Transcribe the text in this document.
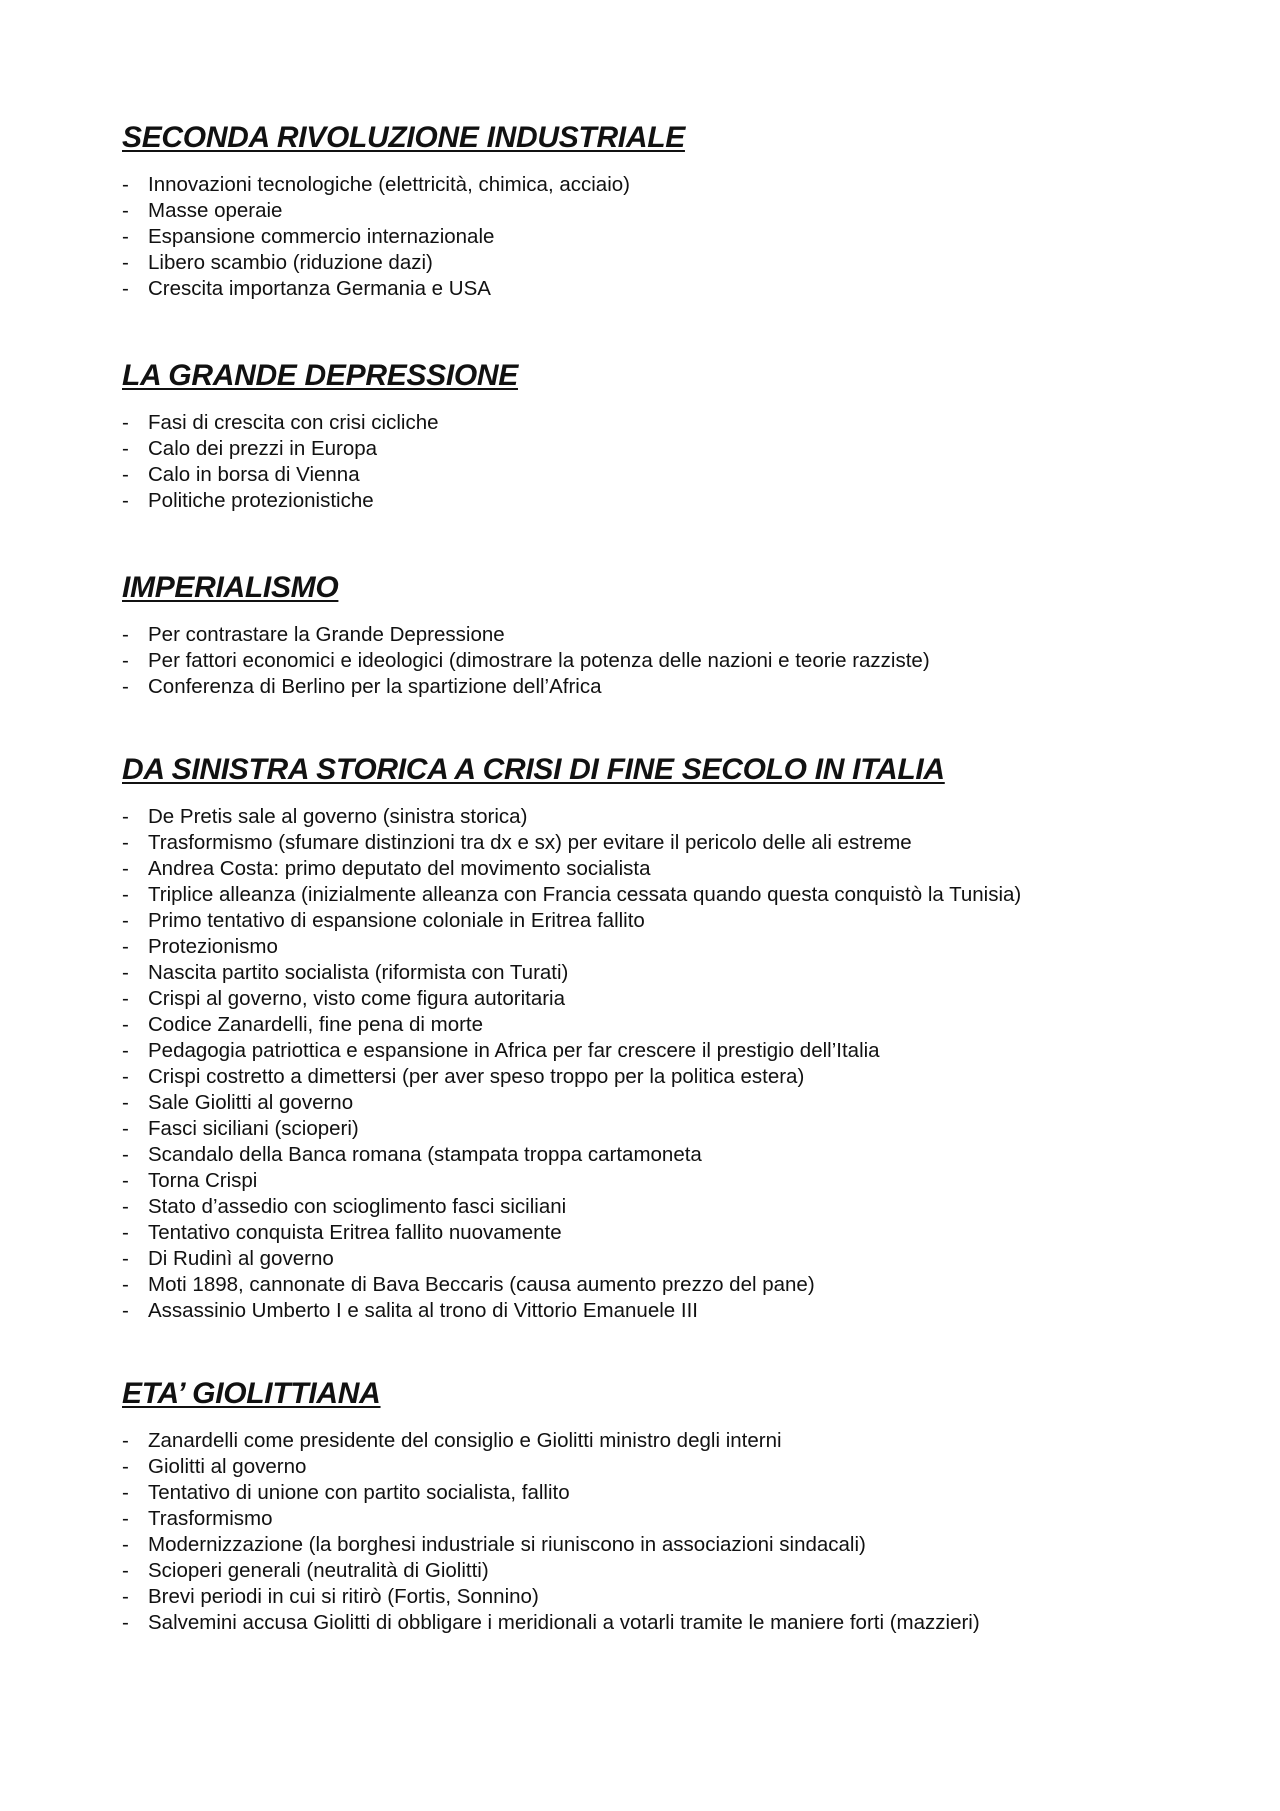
SECONDA RIVOLUZIONE INDUSTRIALE
- Innovazioni tecnologiche (elettricità, chimica, acciaio)
- Masse operaie
- Espansione commercio internazionale
- Libero scambio (riduzione dazi)
- Crescita importanza Germania e USA
LA GRANDE DEPRESSIONE
- Fasi di crescita con crisi cicliche
- Calo dei prezzi in Europa
- Calo in borsa di Vienna
- Politiche protezionistiche
IMPERIALISMO
- Per contrastare la Grande Depressione
- Per fattori economici e ideologici (dimostrare la potenza delle nazioni e teorie razziste)
- Conferenza di Berlino per la spartizione dell’Africa
DA SINISTRA STORICA A CRISI DI FINE SECOLO IN ITALIA
- De Pretis sale al governo (sinistra storica)
- Trasformismo (sfumare distinzioni tra dx e sx) per evitare il pericolo delle ali estreme
- Andrea Costa: primo deputato del movimento socialista
- Triplice alleanza (inizialmente alleanza con Francia cessata quando questa conquistò la Tunisia)
- Primo tentativo di espansione coloniale in Eritrea fallito
- Protezionismo
- Nascita partito socialista (riformista con Turati)
- Crispi al governo, visto come figura autoritaria
- Codice Zanardelli, fine pena di morte
- Pedagogia patriottica e espansione in Africa per far crescere il prestigio dell’Italia
- Crispi costretto a dimettersi (per aver speso troppo per la politica estera)
- Sale Giolitti al governo
- Fasci siciliani (scioperi)
- Scandalo della Banca romana (stampata troppa cartamoneta
- Torna Crispi
- Stato d’assedio con scioglimento fasci siciliani
- Tentativo conquista Eritrea fallito nuovamente
- Di Rudinì al governo
- Moti 1898, cannonate di Bava Beccaris (causa aumento prezzo del pane)
- Assassinio Umberto I e salita al trono di Vittorio Emanuele III
ETA’ GIOLITTIANA
- Zanardelli come presidente del consiglio e Giolitti ministro degli interni
- Giolitti al governo
- Tentativo di unione con partito socialista, fallito
- Trasformismo
- Modernizzazione (la borghesi industriale si riuniscono in associazioni sindacali)
- Scioperi generali (neutralità di Giolitti)
- Brevi periodi in cui si ritirò (Fortis, Sonnino)
- Salvemini accusa Giolitti di obbligare i meridionali a votarli tramite le maniere forti (mazzieri)
